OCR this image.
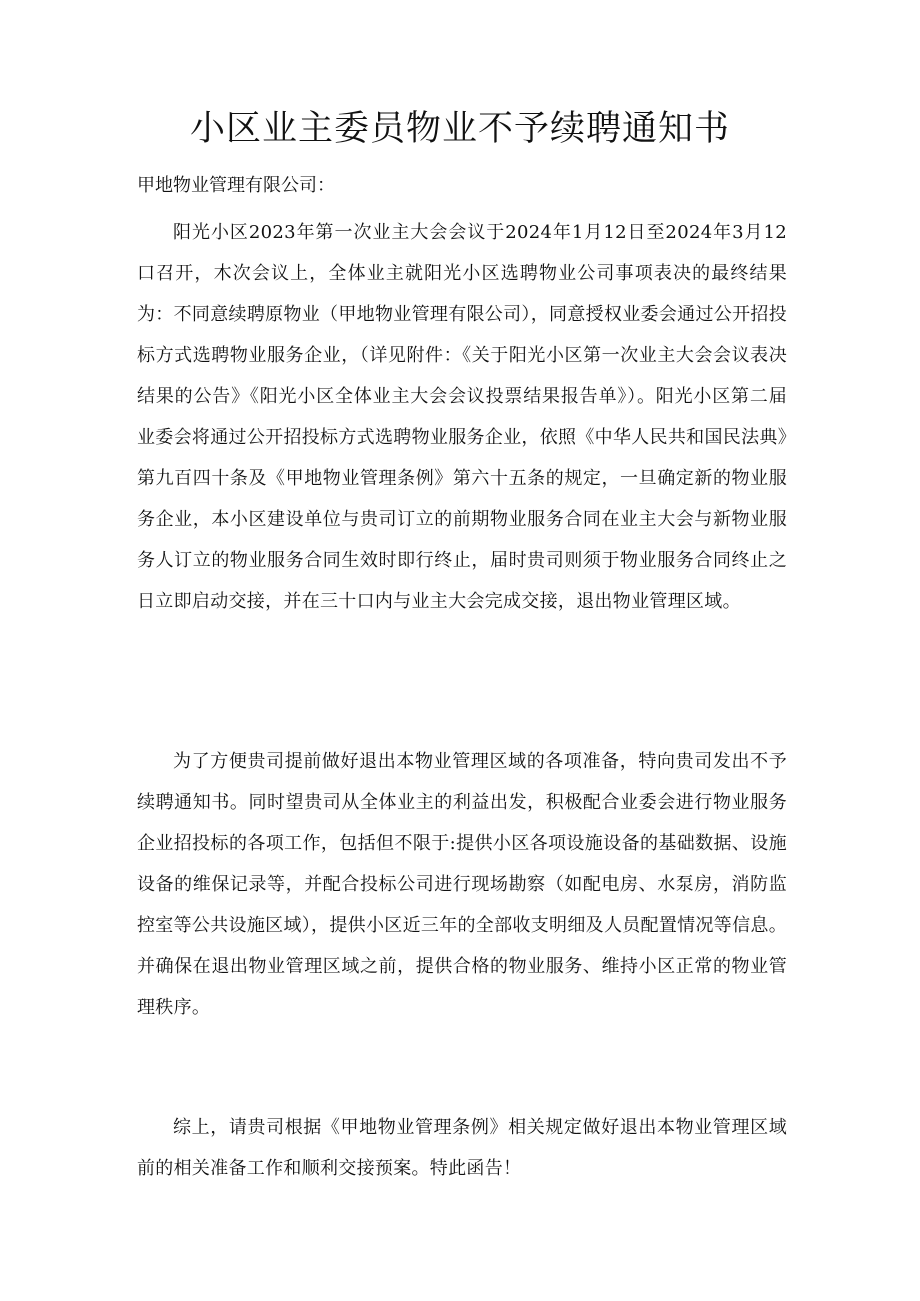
小区业主委员物业不予续聘通知书

甲地物业管理有限公司：

阳光小区2023年第一次业主大会会议于2024年1月12日至2024年3月12口召开，木次会议上，全体业主就阳光小区选聘物业公司事项表决的最终结果为：不同意续聘原物业（甲地物业管理有限公司），同意授权业委会通过公开招投标方式选聘物业服务企业，（详见附件：《关于阳光小区第一次业主大会会议表决结果的公告》《阳光小区全体业主大会会议投票结果报告单》）。阳光小区第二届业委会将通过公开招投标方式选聘物业服务企业，依照《中华人民共和国民法典》第九百四十条及《甲地物业管理条例》第六十五条的规定，一旦确定新的物业服务企业，本小区建设单位与贵司订立的前期物业服务合同在业主大会与新物业服务人订立的物业服务合同生效时即行终止，届时贵司则须于物业服务合同终止之日立即启动交接，并在三十口内与业主大会完成交接，退出物业管理区域。

为了方便贵司提前做好退出本物业管理区域的各项准备，特向贵司发出不予续聘通知书。同时望贵司从全体业主的利益出发，积极配合业委会进行物业服务企业招投标的各项工作，包括但不限于:提供小区各项设施设备的基础数据、设施设备的维保记录等，并配合投标公司进行现场勘察（如配电房、水泵房，消防监控室等公共设施区域），提供小区近三年的全部收支明细及人员配置情况等信息。并确保在退出物业管理区域之前，提供合格的物业服务、维持小区正常的物业管理秩序。

综上，请贵司根据《甲地物业管理条例》相关规定做好退出本物业管理区域前的相关准备工作和顺利交接预案。特此函告！
